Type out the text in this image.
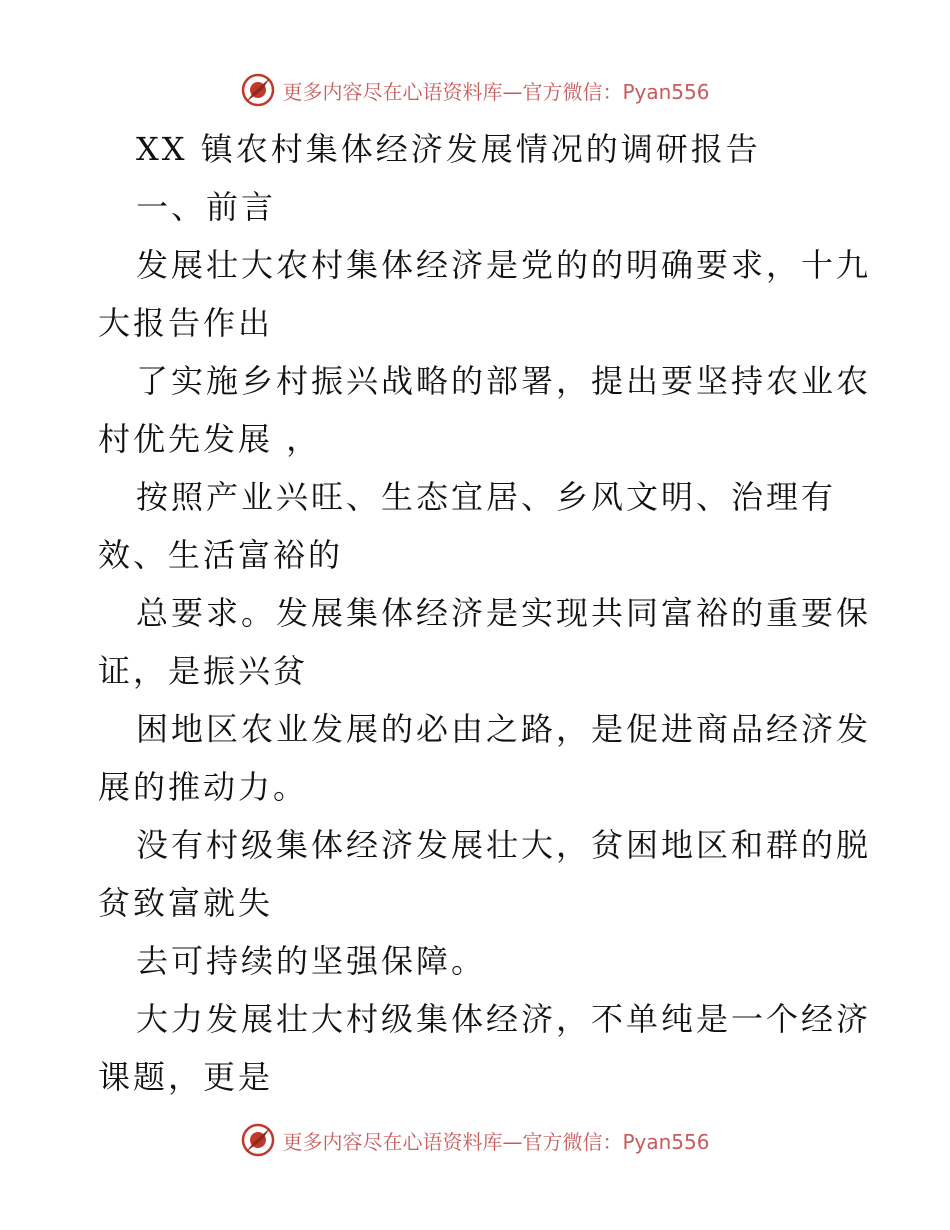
更多内容尽在心语资料库—官方微信：Pyan556
XX 镇农村集体经济发展情况的调研报告
一、前言
发展壮大农村集体经济是党的的明确要求，十九
大报告作出
了实施乡村振兴战略的部署，提出要坚持农业农
村优先发展 ，
按照产业兴旺、生态宜居、乡风文明、治理有
效、生活富裕的
总要求。发展集体经济是实现共同富裕的重要保
证，是振兴贫
困地区农业发展的必由之路，是促进商品经济发
展的推动力。
没有村级集体经济发展壮大，贫困地区和群的脱
贫致富就失
去可持续的坚强保障。
大力发展壮大村级集体经济，不单纯是一个经济
课题，更是
更多内容尽在心语资料库—官方微信：Pyan556
